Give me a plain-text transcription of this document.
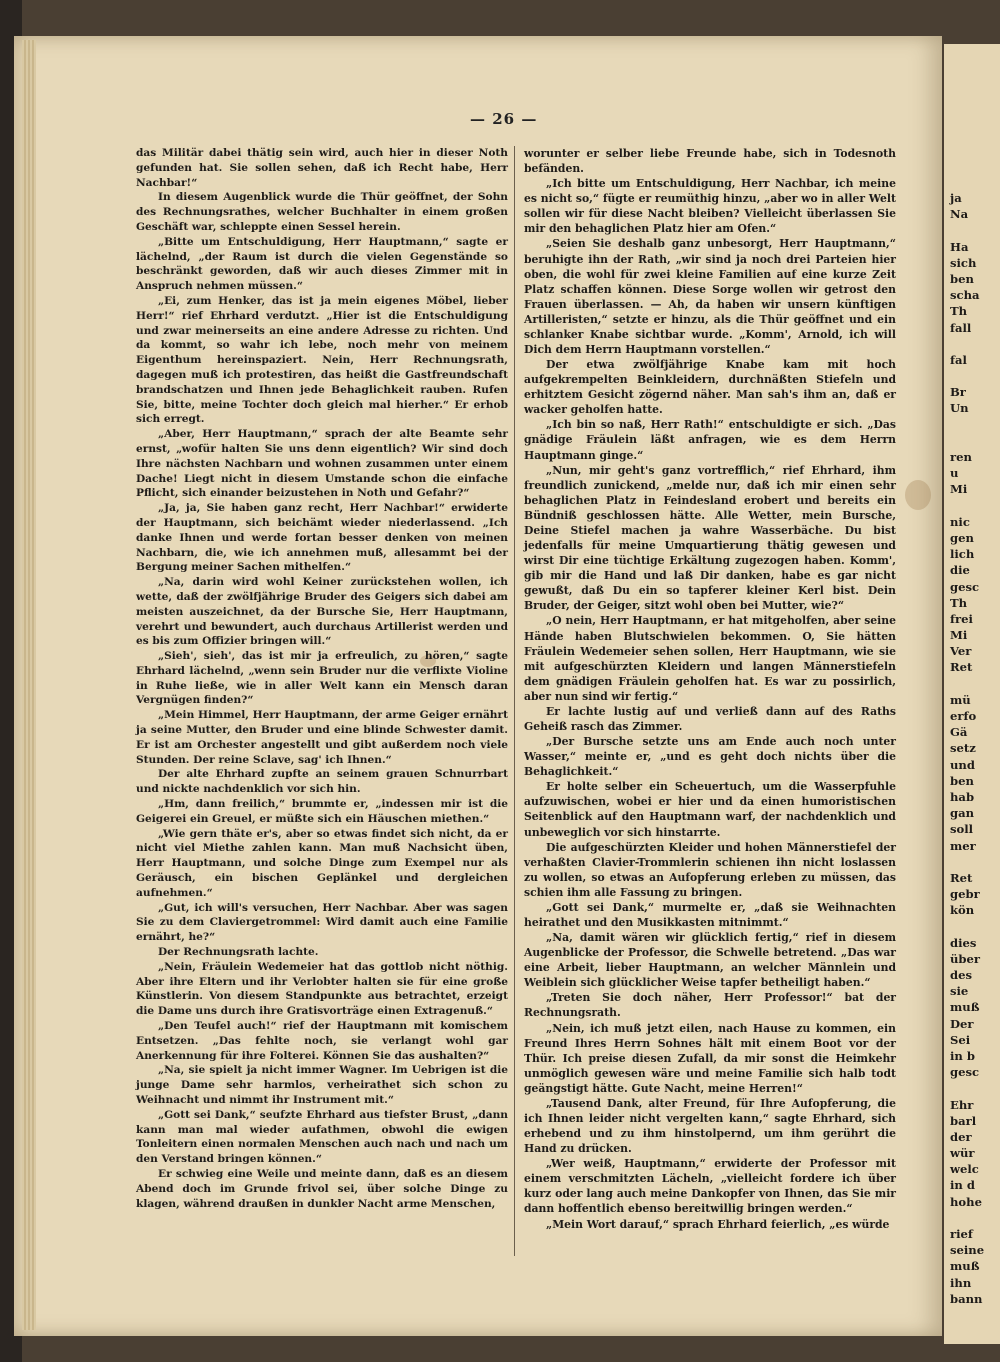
ja
Na
Ha
sich
ben
scha
Th
fall
fal
Br
Un
ren
u
Mi
nic
gen
lich
die
gesc
Th
frei
Mi
Ver
Ret
mü
erfo
Gä
setz
und
ben
hab
gan
soll
mer
Ret
gebr
kön
dies
über
des
sie
muß
Der
Sei
in b
gesc
Ehr
barl
der
wür
welc
in d
hohe
rief
seine
muß
ihn
bann
— 26 —

das Militär dabei thätig sein wird, auch hier in dieser Noth gefunden hat. Sie sollen sehen, daß ich Recht habe, Herr Nachbar!“

In diesem Augenblick wurde die Thür geöffnet, der Sohn des Rechnungsrathes, welcher Buchhalter in einem großen Geschäft war, schleppte einen Sessel herein.

„Bitte um Entschuldigung, Herr Hauptmann,“ sagte er lächelnd, „der Raum ist durch die vielen Gegenstände so beschränkt geworden, daß wir auch dieses Zimmer mit in Anspruch nehmen müssen.“

„Ei, zum Henker, das ist ja mein eigenes Möbel, lieber Herr!“ rief Ehrhard verdutzt. „Hier ist die Entschuldigung und zwar meinerseits an eine andere Adresse zu richten. Und da kommt, so wahr ich lebe, noch mehr von meinem Eigenthum hereinspaziert. Nein, Herr Rechnungsrath, dagegen muß ich protestiren, das heißt die Gastfreundschaft brandschatzen und Ihnen jede Behaglichkeit rauben. Rufen Sie, bitte, meine Tochter doch gleich mal hierher.“ Er erhob sich erregt.

„Aber, Herr Hauptmann,“ sprach der alte Beamte sehr ernst, „wofür halten Sie uns denn eigentlich? Wir sind doch Ihre nächsten Nachbarn und wohnen zusammen unter einem Dache! Liegt nicht in diesem Umstande schon die einfache Pflicht, sich einander beizustehen in Noth und Gefahr?“

„Ja, ja, Sie haben ganz recht, Herr Nachbar!“ erwiderte der Hauptmann, sich beichämt wieder niederlassend. „Ich danke Ihnen und werde fortan besser denken von meinen Nachbarn, die, wie ich annehmen muß, allesammt bei der Bergung meiner Sachen mithelfen.“

„Na, darin wird wohl Keiner zurückstehen wollen, ich wette, daß der zwölfjährige Bruder des Geigers sich dabei am meisten auszeichnet, da der Bursche Sie, Herr Hauptmann, verehrt und bewundert, auch durchaus Artillerist werden und es bis zum Offizier bringen will.“

„Sieh', sieh', das ist mir ja erfreulich, zu hören,“ sagte Ehrhard lächelnd, „wenn sein Bruder nur die verflixte Violine in Ruhe ließe, wie in aller Welt kann ein Mensch daran Vergnügen finden?“

„Mein Himmel, Herr Hauptmann, der arme Geiger ernährt ja seine Mutter, den Bruder und eine blinde Schwester damit. Er ist am Orchester angestellt und gibt außerdem noch viele Stunden. Der reine Sclave, sag' ich Ihnen.“

Der alte Ehrhard zupfte an seinem grauen Schnurrbart und nickte nachdenklich vor sich hin.

„Hm, dann freilich,“ brummte er, „indessen mir ist die Geigerei ein Greuel, er müßte sich ein Häuschen miethen.“

„Wie gern thäte er's, aber so etwas findet sich nicht, da er nicht viel Miethe zahlen kann. Man muß Nachsicht üben, Herr Hauptmann, und solche Dinge zum Exempel nur als Geräusch, ein bischen Geplänkel und dergleichen aufnehmen.“

„Gut, ich will's versuchen, Herr Nachbar. Aber was sagen Sie zu dem Claviergetrommel: Wird damit auch eine Familie ernährt, he?“

Der Rechnungsrath lachte.

„Nein, Fräulein Wedemeier hat das gottlob nicht nöthig. Aber ihre Eltern und ihr Verlobter halten sie für eine große Künstlerin. Von diesem Standpunkte aus betrachtet, erzeigt die Dame uns durch ihre Gratisvorträge einen Extragenuß.“

„Den Teufel auch!“ rief der Hauptmann mit komischem Entsetzen. „Das fehlte noch, sie verlangt wohl gar Anerkennung für ihre Folterei. Können Sie das aushalten?“

„Na, sie spielt ja nicht immer Wagner. Im Uebrigen ist die junge Dame sehr harmlos, verheirathet sich schon zu Weihnacht und nimmt ihr Instrument mit.“

„Gott sei Dank,“ seufzte Ehrhard aus tiefster Brust, „dann kann man mal wieder aufathmen, obwohl die ewigen Tonleitern einen normalen Menschen auch nach und nach um den Verstand bringen können.“

Er schwieg eine Weile und meinte dann, daß es an diesem Abend doch im Grunde frivol sei, über solche Dinge zu klagen, während draußen in dunkler Nacht arme Menschen,

worunter er selber liebe Freunde habe, sich in Todesnoth befänden.

„Ich bitte um Entschuldigung, Herr Nachbar, ich meine es nicht so,“ fügte er reumüthig hinzu, „aber wo in aller Welt sollen wir für diese Nacht bleiben? Vielleicht überlassen Sie mir den behaglichen Platz hier am Ofen.“

„Seien Sie deshalb ganz unbesorgt, Herr Hauptmann,“ beruhigte ihn der Rath, „wir sind ja noch drei Parteien hier oben, die wohl für zwei kleine Familien auf eine kurze Zeit Platz schaffen können. Diese Sorge wollen wir getrost den Frauen überlassen. — Ah, da haben wir unsern künftigen Artilleristen,“ setzte er hinzu, als die Thür geöffnet und ein schlanker Knabe sichtbar wurde. „Komm', Arnold, ich will Dich dem Herrn Hauptmann vorstellen.“

Der etwa zwölfjährige Knabe kam mit hoch aufgekrempelten Beinkleidern, durchnäßten Stiefeln und erhitztem Gesicht zögernd näher. Man sah's ihm an, daß er wacker geholfen hatte.

„Ich bin so naß, Herr Rath!“ entschuldigte er sich. „Das gnädige Fräulein läßt anfragen, wie es dem Herrn Hauptmann ginge.“

„Nun, mir geht's ganz vortrefflich,“ rief Ehrhard, ihm freundlich zunickend, „melde nur, daß ich mir einen sehr behaglichen Platz in Feindesland erobert und bereits ein Bündniß geschlossen hätte. Alle Wetter, mein Bursche, Deine Stiefel machen ja wahre Wasserbäche. Du bist jedenfalls für meine Umquartierung thätig gewesen und wirst Dir eine tüchtige Erkältung zugezogen haben. Komm', gib mir die Hand und laß Dir danken, habe es gar nicht gewußt, daß Du ein so tapferer kleiner Kerl bist. Dein Bruder, der Geiger, sitzt wohl oben bei Mutter, wie?“

„O nein, Herr Hauptmann, er hat mitgeholfen, aber seine Hände haben Blutschwielen bekommen. O, Sie hätten Fräulein Wedemeier sehen sollen, Herr Hauptmann, wie sie mit aufgeschürzten Kleidern und langen Männerstiefeln dem gnädigen Fräulein geholfen hat. Es war zu possirlich, aber nun sind wir fertig.“

Er lachte lustig auf und verließ dann auf des Raths Geheiß rasch das Zimmer.

„Der Bursche setzte uns am Ende auch noch unter Wasser,“ meinte er, „und es geht doch nichts über die Behaglichkeit.“

Er holte selber ein Scheuertuch, um die Wasserpfuhle aufzuwischen, wobei er hier und da einen humoristischen Seitenblick auf den Hauptmann warf, der nachdenklich und unbeweglich vor sich hinstarrte.

Die aufgeschürzten Kleider und hohen Männerstiefel der verhaßten Clavier-Trommlerin schienen ihn nicht loslassen zu wollen, so etwas an Aufopferung erleben zu müssen, das schien ihm alle Fassung zu bringen.

„Gott sei Dank,“ murmelte er, „daß sie Weihnachten heirathet und den Musikkasten mitnimmt.“

„Na, damit wären wir glücklich fertig,“ rief in diesem Augenblicke der Professor, die Schwelle betretend. „Das war eine Arbeit, lieber Hauptmann, an welcher Männlein und Weiblein sich glücklicher Weise tapfer betheiligt haben.“

„Treten Sie doch näher, Herr Professor!“ bat der Rechnungsrath.

„Nein, ich muß jetzt eilen, nach Hause zu kommen, ein Freund Ihres Herrn Sohnes hält mit einem Boot vor der Thür. Ich preise diesen Zufall, da mir sonst die Heimkehr unmöglich gewesen wäre und meine Familie sich halb todt geängstigt hätte. Gute Nacht, meine Herren!“

„Tausend Dank, alter Freund, für Ihre Aufopferung, die ich Ihnen leider nicht vergelten kann,“ sagte Ehrhard, sich erhebend und zu ihm hinstolpernd, um ihm gerührt die Hand zu drücken.

„Wer weiß, Hauptmann,“ erwiderte der Professor mit einem verschmitzten Lächeln, „vielleicht fordere ich über kurz oder lang auch meine Dankopfer von Ihnen, das Sie mir dann hoffentlich ebenso bereitwillig bringen werden.“

„Mein Wort darauf,“ sprach Ehrhard feierlich, „es würde
